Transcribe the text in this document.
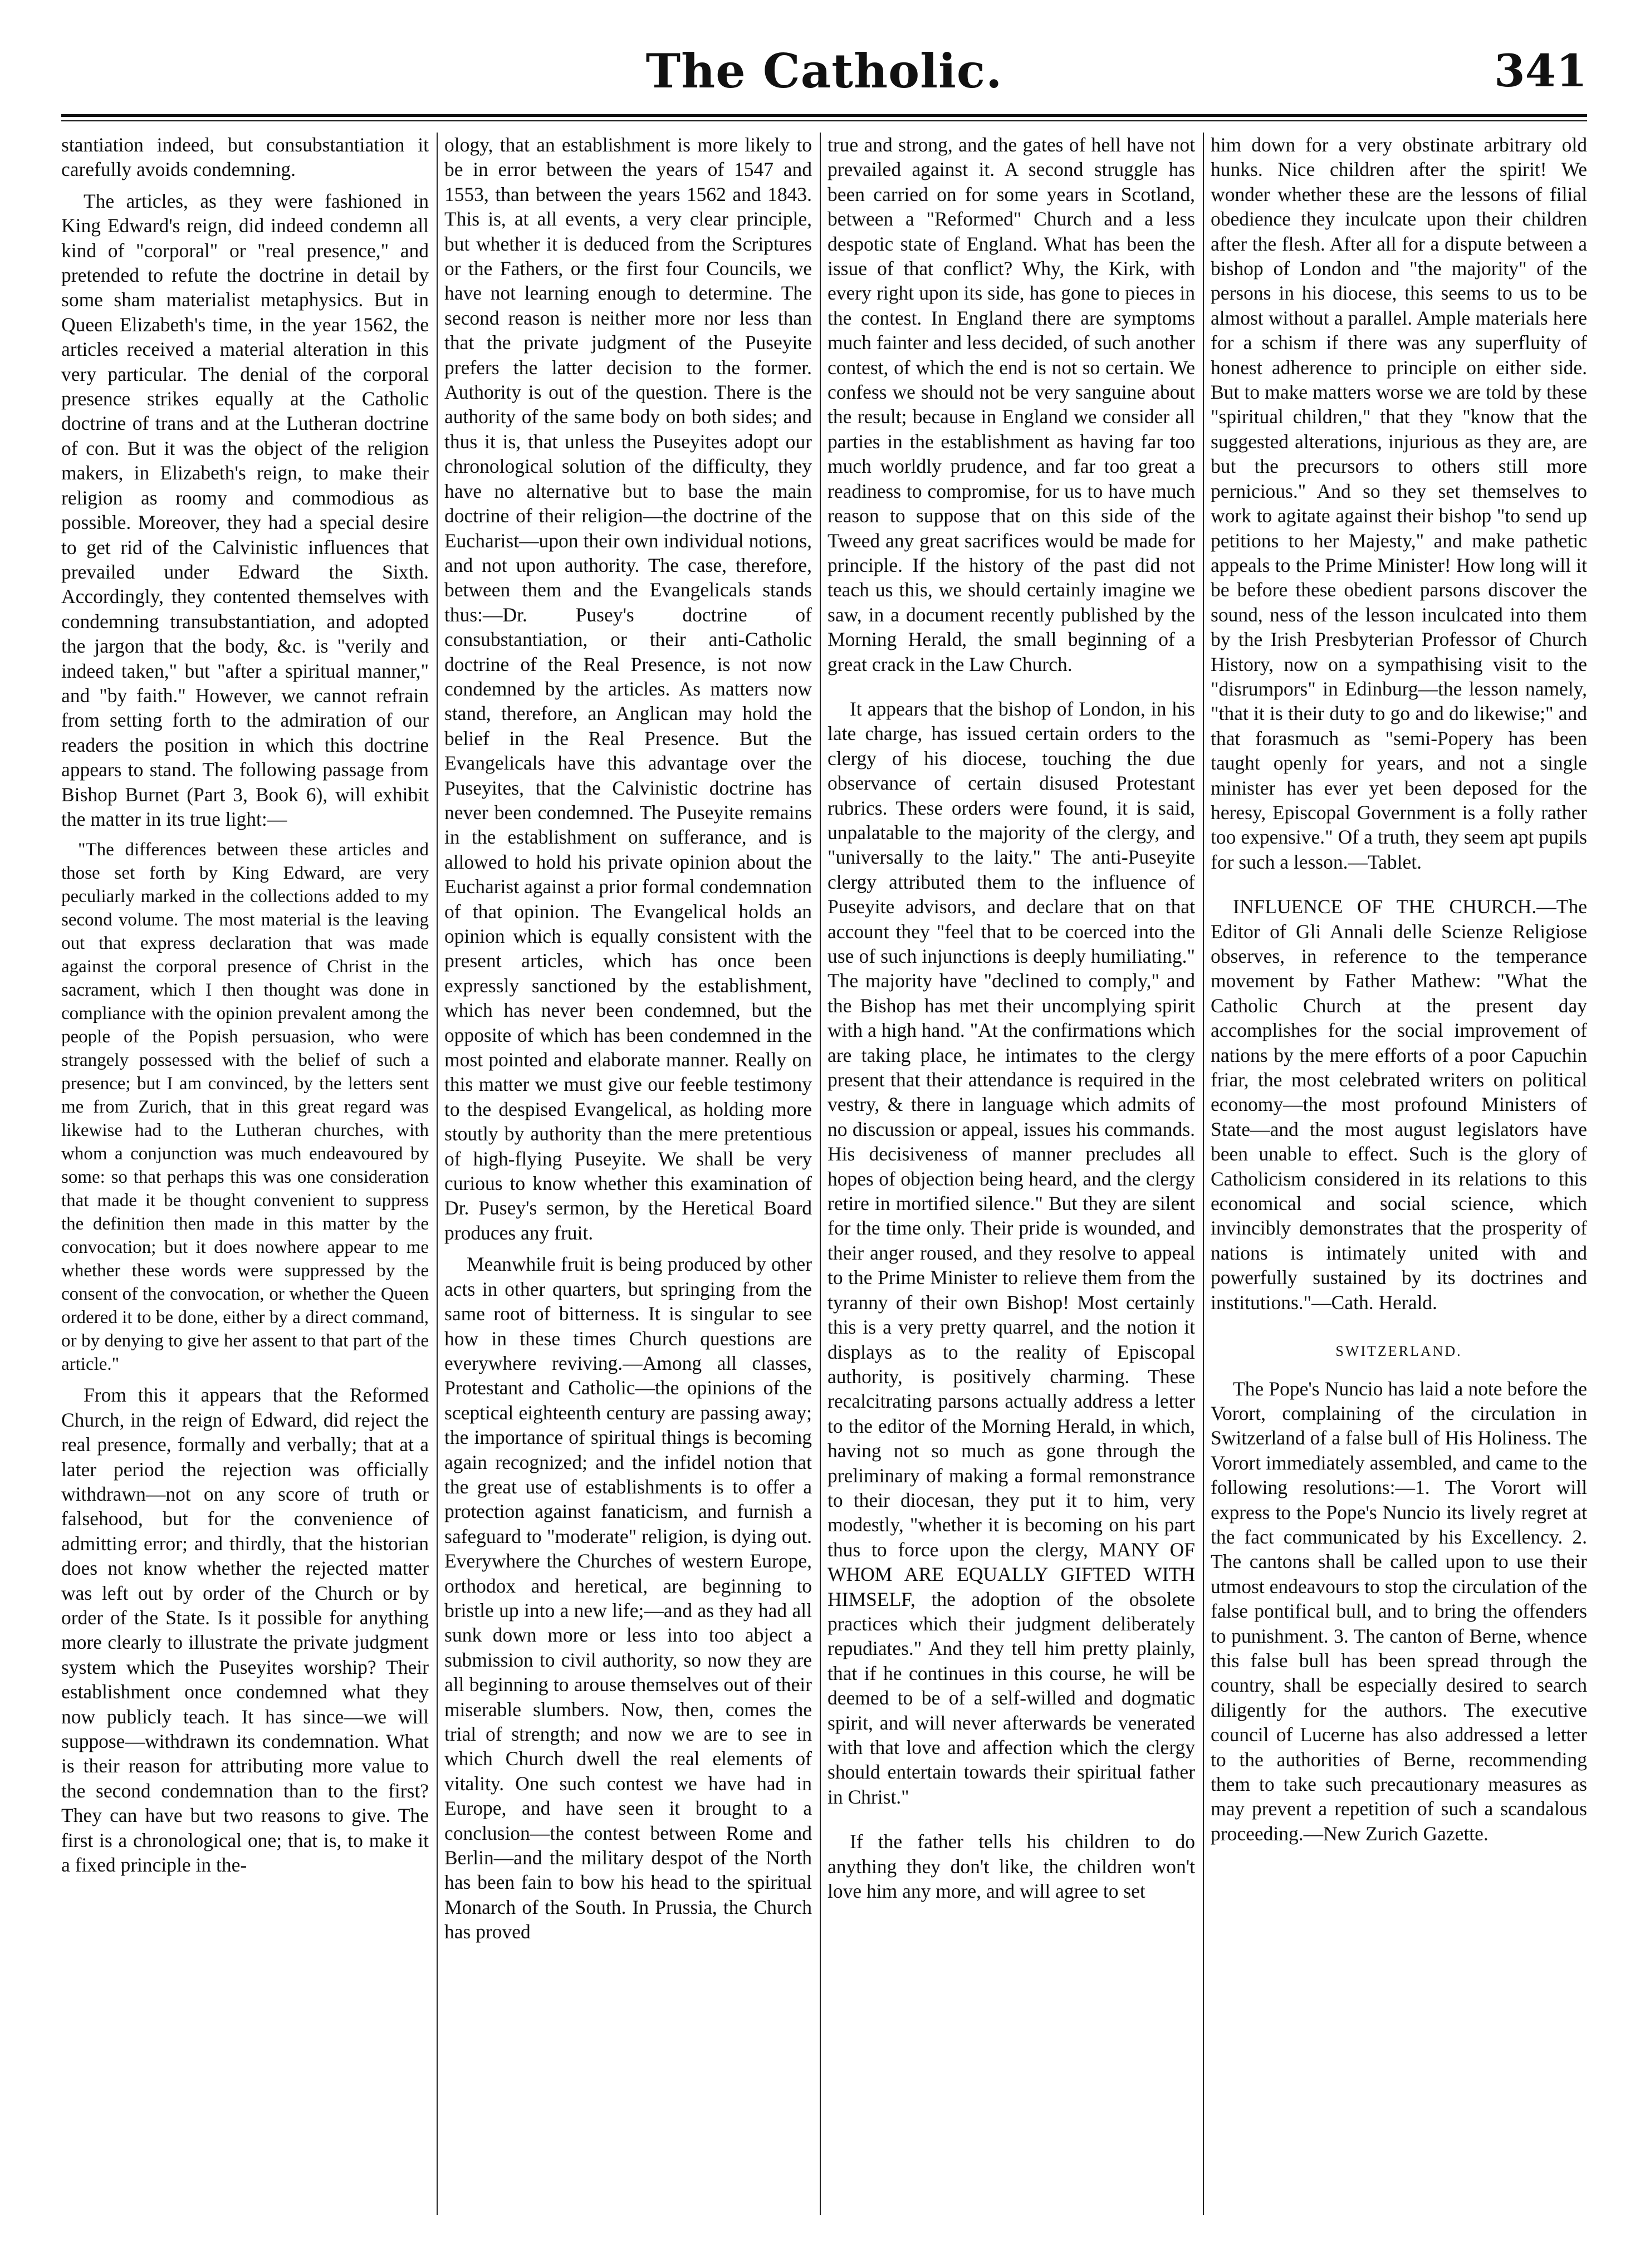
The Catholic.	341

stantiation indeed, but consubstantiation it carefully avoids condemning.

The articles, as they were fashioned in King Edward's reign, did indeed condemn all kind of "corporal" or "real presence," and pretended to refute the doctrine in detail by some sham materialist metaphysics. But in Queen Elizabeth's time, in the year 1562, the articles received a material alteration in this very particular. The denial of the corporal presence strikes equally at the Catholic doctrine of trans and at the Lutheran doctrine of con. But it was the object of the religion makers, in Elizabeth's reign, to make their religion as roomy and commodious as possible. Moreover, they had a special desire to get rid of the Calvinistic influences that prevailed under Edward the Sixth. Accordingly, they contented themselves with condemning transubstantiation, and adopted the jargon that the body, &c. is "verily and indeed taken," but "after a spiritual manner," and "by faith." However, we cannot refrain from setting forth to the admiration of our readers the position in which this doctrine appears to stand. The following passage from Bishop Burnet (Part 3, Book 6), will exhibit the matter in its true light:—

"The differences between these articles and those set forth by King Edward, are very peculiarly marked in the collections added to my second volume. The most material is the leaving out that express declaration that was made against the corporal presence of Christ in the sacrament, which I then thought was done in compliance with the opinion prevalent among the people of the Popish persuasion, who were strangely possessed with the belief of such a presence; but I am convinced, by the letters sent me from Zurich, that in this great regard was likewise had to the Lutheran churches, with whom a conjunction was much endeavoured by some: so that perhaps this was one consideration that made it be thought convenient to suppress the definition then made in this matter by the convocation; but it does nowhere appear to me whether these words were suppressed by the consent of the convocation, or whether the Queen ordered it to be done, either by a direct command, or by denying to give her assent to that part of the article."

From this it appears that the Reformed Church, in the reign of Edward, did reject the real presence, formally and verbally; that at a later period the rejection was officially withdrawn—not on any score of truth or falsehood, but for the convenience of admitting error; and thirdly, that the historian does not know whether the rejected matter was left out by order of the Church or by order of the State. Is it possible for anything more clearly to illustrate the private judgment system which the Puseyites worship? Their establishment once condemned what they now publicly teach. It has since—we will suppose—withdrawn its condemnation. What is their reason for attributing more value to the second condemnation than to the first? They can have but two reasons to give. The first is a chronological one; that is, to make it a fixed principle in the-

ology, that an establishment is more likely to be in error between the years of 1547 and 1553, than between the years 1562 and 1843. This is, at all events, a very clear principle, but whether it is deduced from the Scriptures or the Fathers, or the first four Councils, we have not learning enough to determine. The second reason is neither more nor less than that the private judgment of the Puseyite prefers the latter decision to the former. Authority is out of the question. There is the authority of the same body on both sides; and thus it is, that unless the Puseyites adopt our chronological solution of the difficulty, they have no alternative but to base the main doctrine of their religion—the doctrine of the Eucharist—upon their own individual notions, and not upon authority. The case, therefore, between them and the Evangelicals stands thus:—Dr. Pusey's doctrine of consubstantiation, or their anti-Catholic doctrine of the Real Presence, is not now condemned by the articles. As matters now stand, therefore, an Anglican may hold the belief in the Real Presence. But the Evangelicals have this advantage over the Puseyites, that the Calvinistic doctrine has never been condemned. The Puseyite remains in the establishment on sufferance, and is allowed to hold his private opinion about the Eucharist against a prior formal condemnation of that opinion. The Evangelical holds an opinion which is equally consistent with the present articles, which has once been expressly sanctioned by the establishment, which has never been condemned, but the opposite of which has been condemned in the most pointed and elaborate manner. Really on this matter we must give our feeble testimony to the despised Evangelical, as holding more stoutly by authority than the mere pretentious of high-flying Puseyite. We shall be very curious to know whether this examination of Dr. Pusey's sermon, by the Heretical Board produces any fruit.

Meanwhile fruit is being produced by other acts in other quarters, but springing from the same root of bitterness. It is singular to see how in these times Church questions are everywhere reviving.—Among all classes, Protestant and Catholic—the opinions of the sceptical eighteenth century are passing away; the importance of spiritual things is becoming again recognized; and the infidel notion that the great use of establishments is to offer a protection against fanaticism, and furnish a safeguard to "moderate" religion, is dying out. Everywhere the Churches of western Europe, orthodox and heretical, are beginning to bristle up into a new life;—and as they had all sunk down more or less into too abject a submission to civil authority, so now they are all beginning to arouse themselves out of their miserable slumbers. Now, then, comes the trial of strength; and now we are to see in which Church dwell the real elements of vitality. One such contest we have had in Europe, and have seen it brought to a conclusion—the contest between Rome and Berlin—and the military despot of the North has been fain to bow his head to the spiritual Monarch of the South. In Prussia, the Church has proved

true and strong, and the gates of hell have not prevailed against it. A second struggle has been carried on for some years in Scotland, between a "Reformed" Church and a less despotic state of England. What has been the issue of that conflict? Why, the Kirk, with every right upon its side, has gone to pieces in the contest. In England there are symptoms much fainter and less decided, of such another contest, of which the end is not so certain. We confess we should not be very sanguine about the result; because in England we consider all parties in the establishment as having far too much worldly prudence, and far too great a readiness to compromise, for us to have much reason to suppose that on this side of the Tweed any great sacrifices would be made for principle. If the history of the past did not teach us this, we should certainly imagine we saw, in a document recently published by the Morning Herald, the small beginning of a great crack in the Law Church.

It appears that the bishop of London, in his late charge, has issued certain orders to the clergy of his diocese, touching the due observance of certain disused Protestant rubrics. These orders were found, it is said, unpalatable to the majority of the clergy, and "universally to the laity." The anti-Puseyite clergy attributed them to the influence of Puseyite advisors, and declare that on that account they "feel that to be coerced into the use of such injunctions is deeply humiliating." The majority have "declined to comply," and the Bishop has met their uncomplying spirit with a high hand. "At the confirmations which are taking place, he intimates to the clergy present that their attendance is required in the vestry, & there in language which admits of no discussion or appeal, issues his commands. His decisiveness of manner precludes all hopes of objection being heard, and the clergy retire in mortified silence." But they are silent for the time only. Their pride is wounded, and their anger roused, and they resolve to appeal to the Prime Minister to relieve them from the tyranny of their own Bishop! Most certainly this is a very pretty quarrel, and the notion it displays as to the reality of Episcopal authority, is positively charming. These recalcitrating parsons actually address a letter to the editor of the Morning Herald, in which, having not so much as gone through the preliminary of making a formal remonstrance to their diocesan, they put it to him, very modestly, "whether it is becoming on his part thus to force upon the clergy, MANY OF WHOM ARE EQUALLY GIFTED WITH HIMSELF, the adoption of the obsolete practices which their judgment deliberately repudiates." And they tell him pretty plainly, that if he continues in this course, he will be deemed to be of a self-willed and dogmatic spirit, and will never afterwards be venerated with that love and affection which the clergy should entertain towards their spiritual father in Christ."

If the father tells his children to do anything they don't like, the children won't love him any more, and will agree to set

him down for a very obstinate arbitrary old hunks. Nice children after the spirit! We wonder whether these are the lessons of filial obedience they inculcate upon their children after the flesh. After all for a dispute between a bishop of London and "the majority" of the persons in his diocese, this seems to us to be almost without a parallel. Ample materials here for a schism if there was any superfluity of honest adherence to principle on either side. But to make matters worse we are told by these "spiritual children," that they "know that the suggested alterations, injurious as they are, are but the precursors to others still more pernicious." And so they set themselves to work to agitate against their bishop "to send up petitions to her Majesty," and make pathetic appeals to the Prime Minister! How long will it be before these obedient parsons discover the sound, ness of the lesson inculcated into them by the Irish Presbyterian Professor of Church History, now on a sympathising visit to the "disrumpors" in Edinburg—the lesson namely, "that it is their duty to go and do likewise;" and that forasmuch as "semi-Popery has been taught openly for years, and not a single minister has ever yet been deposed for the heresy, Episcopal Government is a folly rather too expensive." Of a truth, they seem apt pupils for such a lesson.—Tablet.

INFLUENCE OF THE CHURCH.—The Editor of Gli Annali delle Scienze Religiose observes, in reference to the temperance movement by Father Mathew: "What the Catholic Church at the present day accomplishes for the social improvement of nations by the mere efforts of a poor Capuchin friar, the most celebrated writers on political economy—the most profound Ministers of State—and the most august legislators have been unable to effect. Such is the glory of Catholicism considered in its relations to this economical and social science, which invincibly demonstrates that the prosperity of nations is intimately united with and powerfully sustained by its doctrines and institutions."—Cath. Herald.

SWITZERLAND.

The Pope's Nuncio has laid a note before the Vorort, complaining of the circulation in Switzerland of a false bull of His Holiness. The Vorort immediately assembled, and came to the following resolutions:—1. The Vorort will express to the Pope's Nuncio its lively regret at the fact communicated by his Excellency. 2. The cantons shall be called upon to use their utmost endeavours to stop the circulation of the false pontifical bull, and to bring the offenders to punishment. 3. The canton of Berne, whence this false bull has been spread through the country, shall be especially desired to search diligently for the authors. The executive council of Lucerne has also addressed a letter to the authorities of Berne, recommending them to take such precautionary measures as may prevent a repetition of such a scandalous proceeding.—New Zurich Gazette.
